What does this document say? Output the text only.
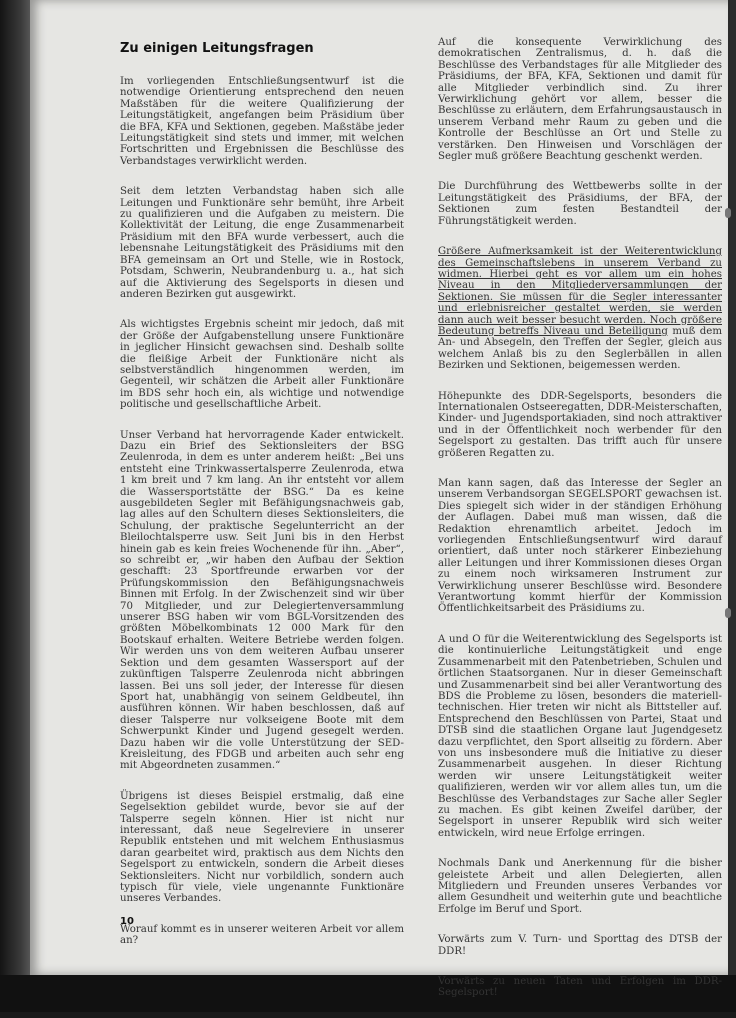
Zu einigen Leitungsfragen

Im vorliegenden Entschließungsentwurf ist die notwendige Orientierung entsprechend den neuen Maßstäben für die weitere Qualifizierung der Leitungstätigkeit, angefangen beim Präsidium über die BFA, KFA und Sektionen, gegeben. Maßstäbe jeder Leitungstätigkeit sind stets und immer, mit welchen Fortschritten und Ergebnissen die Beschlüsse des Verbandstages verwirklicht werden.

Seit dem letzten Verbandstag haben sich alle Leitungen und Funktionäre sehr bemüht, ihre Arbeit zu qualifizieren und die Aufgaben zu meistern. Die Kollektivität der Leitung, die enge Zusammenarbeit Präsidium mit den BFA wurde verbessert, auch die lebensnahe Leitungstätigkeit des Präsidiums mit den BFA gemeinsam an Ort und Stelle, wie in Rostock, Potsdam, Schwerin, Neubrandenburg u. a., hat sich auf die Aktivierung des Segelsports in diesen und anderen Bezirken gut ausgewirkt.

Als wichtigstes Ergebnis scheint mir jedoch, daß mit der Größe der Aufgabenstellung unsere Funktionäre in jeglicher Hinsicht gewachsen sind. Deshalb sollte die fleißige Arbeit der Funktionäre nicht als selbstverständlich hingenommen werden, im Gegenteil, wir schätzen die Arbeit aller Funktionäre im BDS sehr hoch ein, als wichtige und notwendige politische und gesellschaftliche Arbeit.

Unser Verband hat hervorragende Kader entwickelt. Dazu ein Brief des Sektionsleiters der BSG Zeulenroda, in dem es unter anderem heißt: „Bei uns entsteht eine Trinkwassertalsperre Zeulenroda, etwa 1 km breit und 7 km lang. An ihr entsteht vor allem die Wassersportstätte der BSG.“ Da es keine ausgebildeten Segler mit Befähigungsnachweis gab, lag alles auf den Schultern dieses Sektionsleiters, die Schulung, der praktische Segelunterricht an der Bleilochtalsperre usw. Seit Juni bis in den Herbst hinein gab es kein freies Wochenende für ihn. „Aber“, so schreibt er, „wir haben den Aufbau der Sektion geschafft: 23 Sportfreunde erwarben vor der Prüfungskommission den Befähigungsnachweis Binnen mit Erfolg. In der Zwischenzeit sind wir über 70 Mitglieder, und zur Delegiertenversammlung unserer BSG haben wir vom BGL-Vorsitzenden des größten Möbelkombinats 12 000 Mark für den Bootskauf erhalten. Weitere Betriebe werden folgen. Wir werden uns von dem weiteren Aufbau unserer Sektion und dem gesamten Wassersport auf der zukünftigen Talsperre Zeulenroda nicht abbringen lassen. Bei uns soll jeder, der Interesse für diesen Sport hat, unabhängig von seinem Geldbeutel, ihn ausführen können. Wir haben beschlossen, daß auf dieser Talsperre nur volkseigene Boote mit dem Schwerpunkt Kinder und Jugend gesegelt werden. Dazu haben wir die volle Unterstützung der SED-Kreisleitung, des FDGB und arbeiten auch sehr eng mit Abgeordneten zusammen.“

Übrigens ist dieses Beispiel erstmalig, daß eine Segelsektion gebildet wurde, bevor sie auf der Talsperre segeln können. Hier ist nicht nur interessant, daß neue Segelreviere in unserer Republik entstehen und mit welchem Enthusiasmus daran gearbeitet wird, praktisch aus dem Nichts den Segelsport zu entwickeln, sondern die Arbeit dieses Sektionsleiters. Nicht nur vorbildlich, sondern auch typisch für viele, viele ungenannte Funktionäre unseres Verbandes.

Worauf kommt es in unserer weiteren Arbeit vor allem an?

Auf die konsequente Verwirklichung des demokratischen Zentralismus, d. h. daß die Beschlüsse des Verbandstages für alle Mitglieder des Präsidiums, der BFA, KFA, Sektionen und damit für alle Mitglieder verbindlich sind. Zu ihrer Verwirklichung gehört vor allem, besser die Beschlüsse zu erläutern, dem Erfahrungsaustausch in unserem Verband mehr Raum zu geben und die Kontrolle der Beschlüsse an Ort und Stelle zu verstärken. Den Hinweisen und Vorschlägen der Segler muß größere Beachtung geschenkt werden.

Die Durchführung des Wettbewerbs sollte in der Leitungstätigkeit des Präsidiums, der BFA, der Sektionen zum festen Bestandteil der Führungstätigkeit werden.

Größere Aufmerksamkeit ist der Weiterentwicklung des Gemeinschaftslebens in unserem Verband zu widmen. Hierbei geht es vor allem um ein hohes Niveau in den Mitgliederversammlungen der Sektionen. Sie müssen für die Segler interessanter und erlebnisreicher gestaltet werden, sie werden dann auch weit besser besucht werden. Noch größere Bedeutung betreffs Niveau und Beteiligung muß dem An- und Absegeln, den Treffen der Segler, gleich aus welchem Anlaß bis zu den Seglerbällen in allen Bezirken und Sektionen, beigemessen werden.

Höhepunkte des DDR-Segelsports, besonders die Internationalen Ostseeregatten, DDR-Meisterschaften, Kinder- und Jugendsportakiaden, sind noch attraktiver und in der Öffentlichkeit noch werbender für den Segelsport zu gestalten. Das trifft auch für unsere größeren Regatten zu.

Man kann sagen, daß das Interesse der Segler an unserem Verbandsorgan SEGELSPORT gewachsen ist. Dies spiegelt sich wider in der ständigen Erhöhung der Auflagen. Dabei muß man wissen, daß die Redaktion ehrenamtlich arbeitet. Jedoch im vorliegenden Entschließungsentwurf wird darauf orientiert, daß unter noch stärkerer Einbeziehung aller Leitungen und ihrer Kommissionen dieses Organ zu einem noch wirksameren Instrument zur Verwirklichung unserer Beschlüsse wird. Besondere Verantwortung kommt hierfür der Kommission Öffentlichkeitsarbeit des Präsidiums zu.

A und O für die Weiterentwicklung des Segelsports ist die kontinuierliche Leitungstätigkeit und enge Zusammenarbeit mit den Patenbetrieben, Schulen und örtlichen Staatsorganen. Nur in dieser Gemeinschaft und Zusammenarbeit sind bei aller Verantwortung des BDS die Probleme zu lösen, besonders die materiell-technischen. Hier treten wir nicht als Bittsteller auf. Entsprechend den Beschlüssen von Partei, Staat und DTSB sind die staatlichen Organe laut Jugendgesetz dazu verpflichtet, den Sport allseitig zu fördern. Aber von uns insbesondere muß die Initiative zu dieser Zusammenarbeit ausgehen. In dieser Richtung werden wir unsere Leitungstätigkeit weiter qualifizieren, werden wir vor allem alles tun, um die Beschlüsse des Verbandstages zur Sache aller Segler zu machen. Es gibt keinen Zweifel darüber, der Segelsport in unserer Republik wird sich weiter entwickeln, wird neue Erfolge erringen.

Nochmals Dank und Anerkennung für die bisher geleistete Arbeit und allen Delegierten, allen Mitgliedern und Freunden unseres Verbandes vor allem Gesundheit und weiterhin gute und beachtliche Erfolge im Beruf und Sport.

Vorwärts zum V. Turn- und Sporttag des DTSB der DDR!

Vorwärts zu neuen Taten und Erfolgen im DDR-Segelsport!

10
